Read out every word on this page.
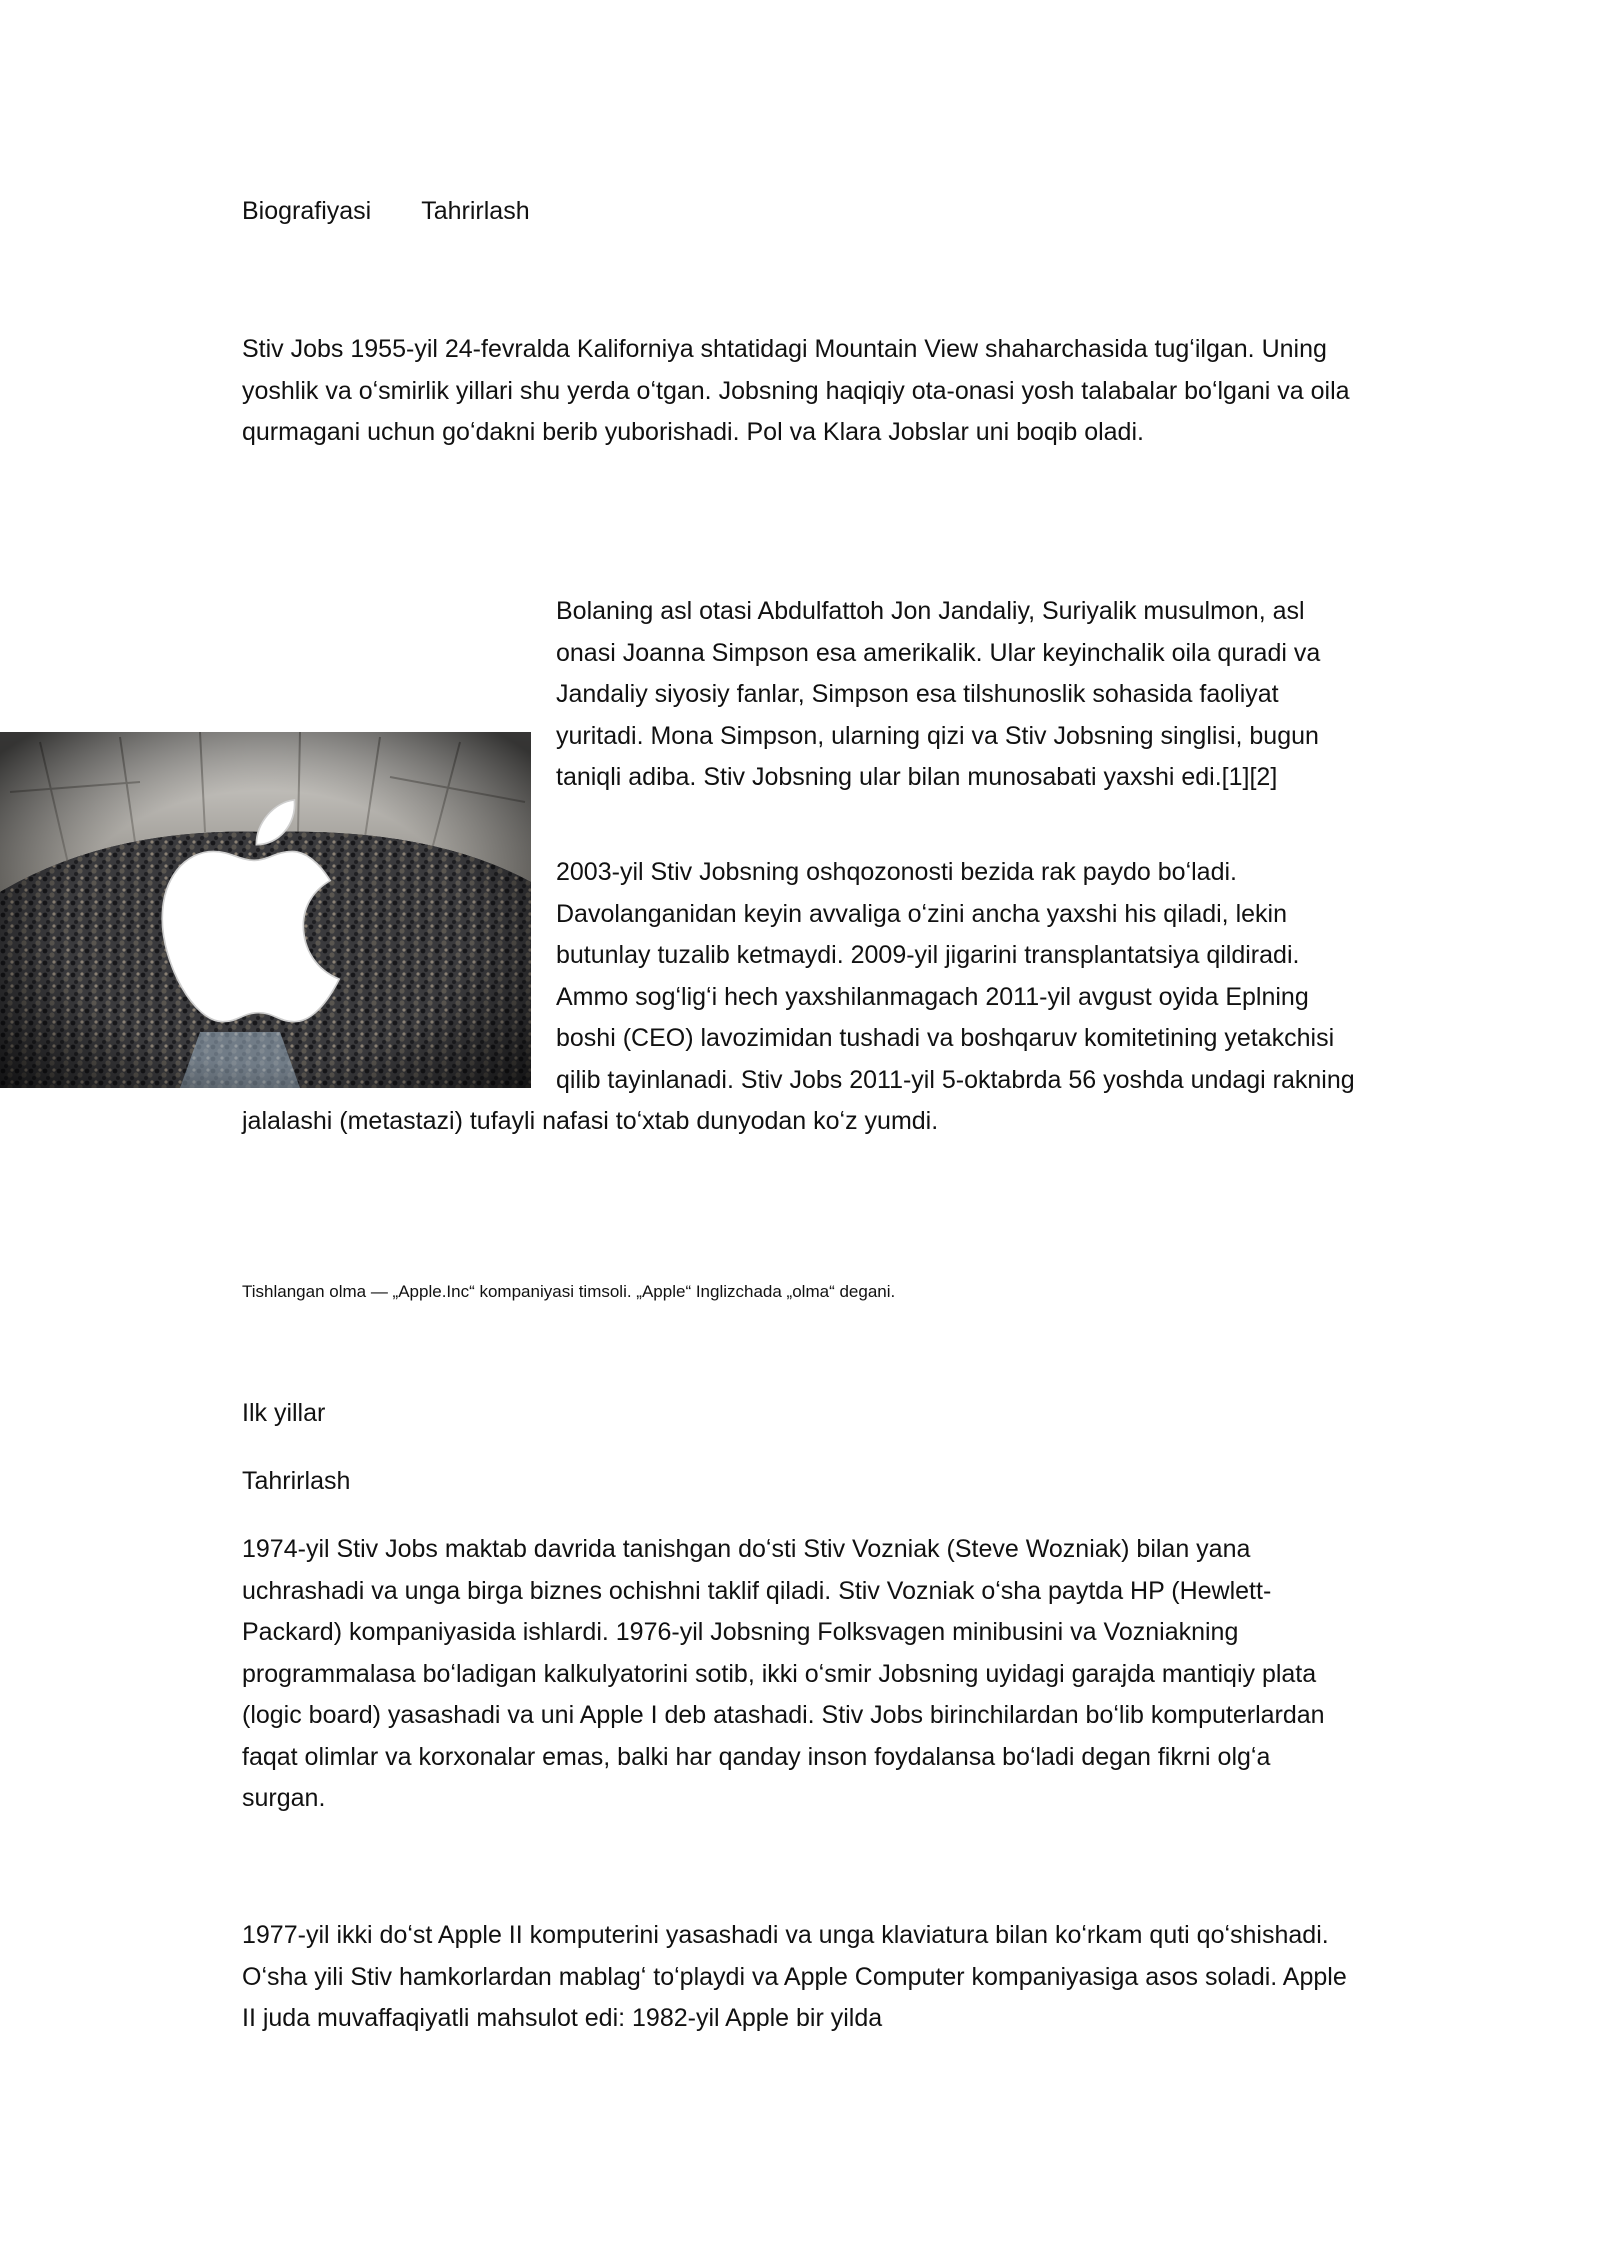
Biografiyasi Tahrirlash

Stiv Jobs 1955-yil 24-fevralda Kaliforniya shtatidagi Mountain View shaharchasida tugʻilgan. Uning yoshlik va oʻsmirlik yillari shu yerda oʻtgan. Jobsning haqiqiy ota-onasi yosh talabalar boʻlgani va oila qurmagani uchun goʻdakni berib yuborishadi. Pol va Klara Jobslar uni boqib oladi.

Bolaning asl otasi Abdulfattoh Jon Jandaliy, Suriyalik musulmon, asl onasi Joanna Simpson esa amerikalik. Ular keyinchalik oila quradi va Jandaliy siyosiy fanlar, Simpson esa tilshunoslik sohasida faoliyat yuritadi. Mona Simpson, ularning qizi va Stiv Jobsning singlisi, bugun taniqli adiba. Stiv Jobsning ular bilan munosabati yaxshi edi.[1][2]

2003-yil Stiv Jobsning oshqozonosti bezida rak paydo boʻladi. Davolanganidan keyin avvaliga oʻzini ancha yaxshi his qiladi, lekin butunlay tuzalib ketmaydi. 2009-yil jigarini transplantatsiya qildiradi. Ammo sogʻligʻi hech yaxshilanmagach 2011-yil avgust oyida Eplning boshi (CEO) lavozimidan tushadi va boshqaruv komitetining yetakchisi qilib tayinlanadi. Stiv Jobs 2011-yil 5-oktabrda 56 yoshda undagi rakning jalalashi (metastazi) tufayli nafasi toʻxtab dunyodan koʻz yumdi.

Tishlangan olma — „Apple.Inc“ kompaniyasi timsoli. „Apple“ Inglizchada „olma“ degani.
Ilk yillar
Tahrirlash

1974-yil Stiv Jobs maktab davrida tanishgan doʻsti Stiv Vozniak (Steve Wozniak) bilan yana uchrashadi va unga birga biznes ochishni taklif qiladi. Stiv Vozniak oʻsha paytda HP (Hewlett-Packard) kompaniyasida ishlardi. 1976-yil Jobsning Folksvagen minibusini va Vozniakning programmalasa boʻladigan kalkulyatorini sotib, ikki oʻsmir Jobsning uyidagi garajda mantiqiy plata (logic board) yasashadi va uni Apple I deb atashadi. Stiv Jobs birinchilardan boʻlib komputerlardan faqat olimlar va korxonalar emas, balki har qanday inson foydalansa boʻladi degan fikrni olgʻa surgan.

1977-yil ikki doʻst Apple II komputerini yasashadi va unga klaviatura bilan koʻrkam quti qoʻshishadi. Oʻsha yili Stiv hamkorlardan mablagʻ toʻplaydi va Apple Computer kompaniyasiga asos soladi. Apple II juda muvaffaqiyatli mahsulot edi: 1982-yil Apple bir yilda
